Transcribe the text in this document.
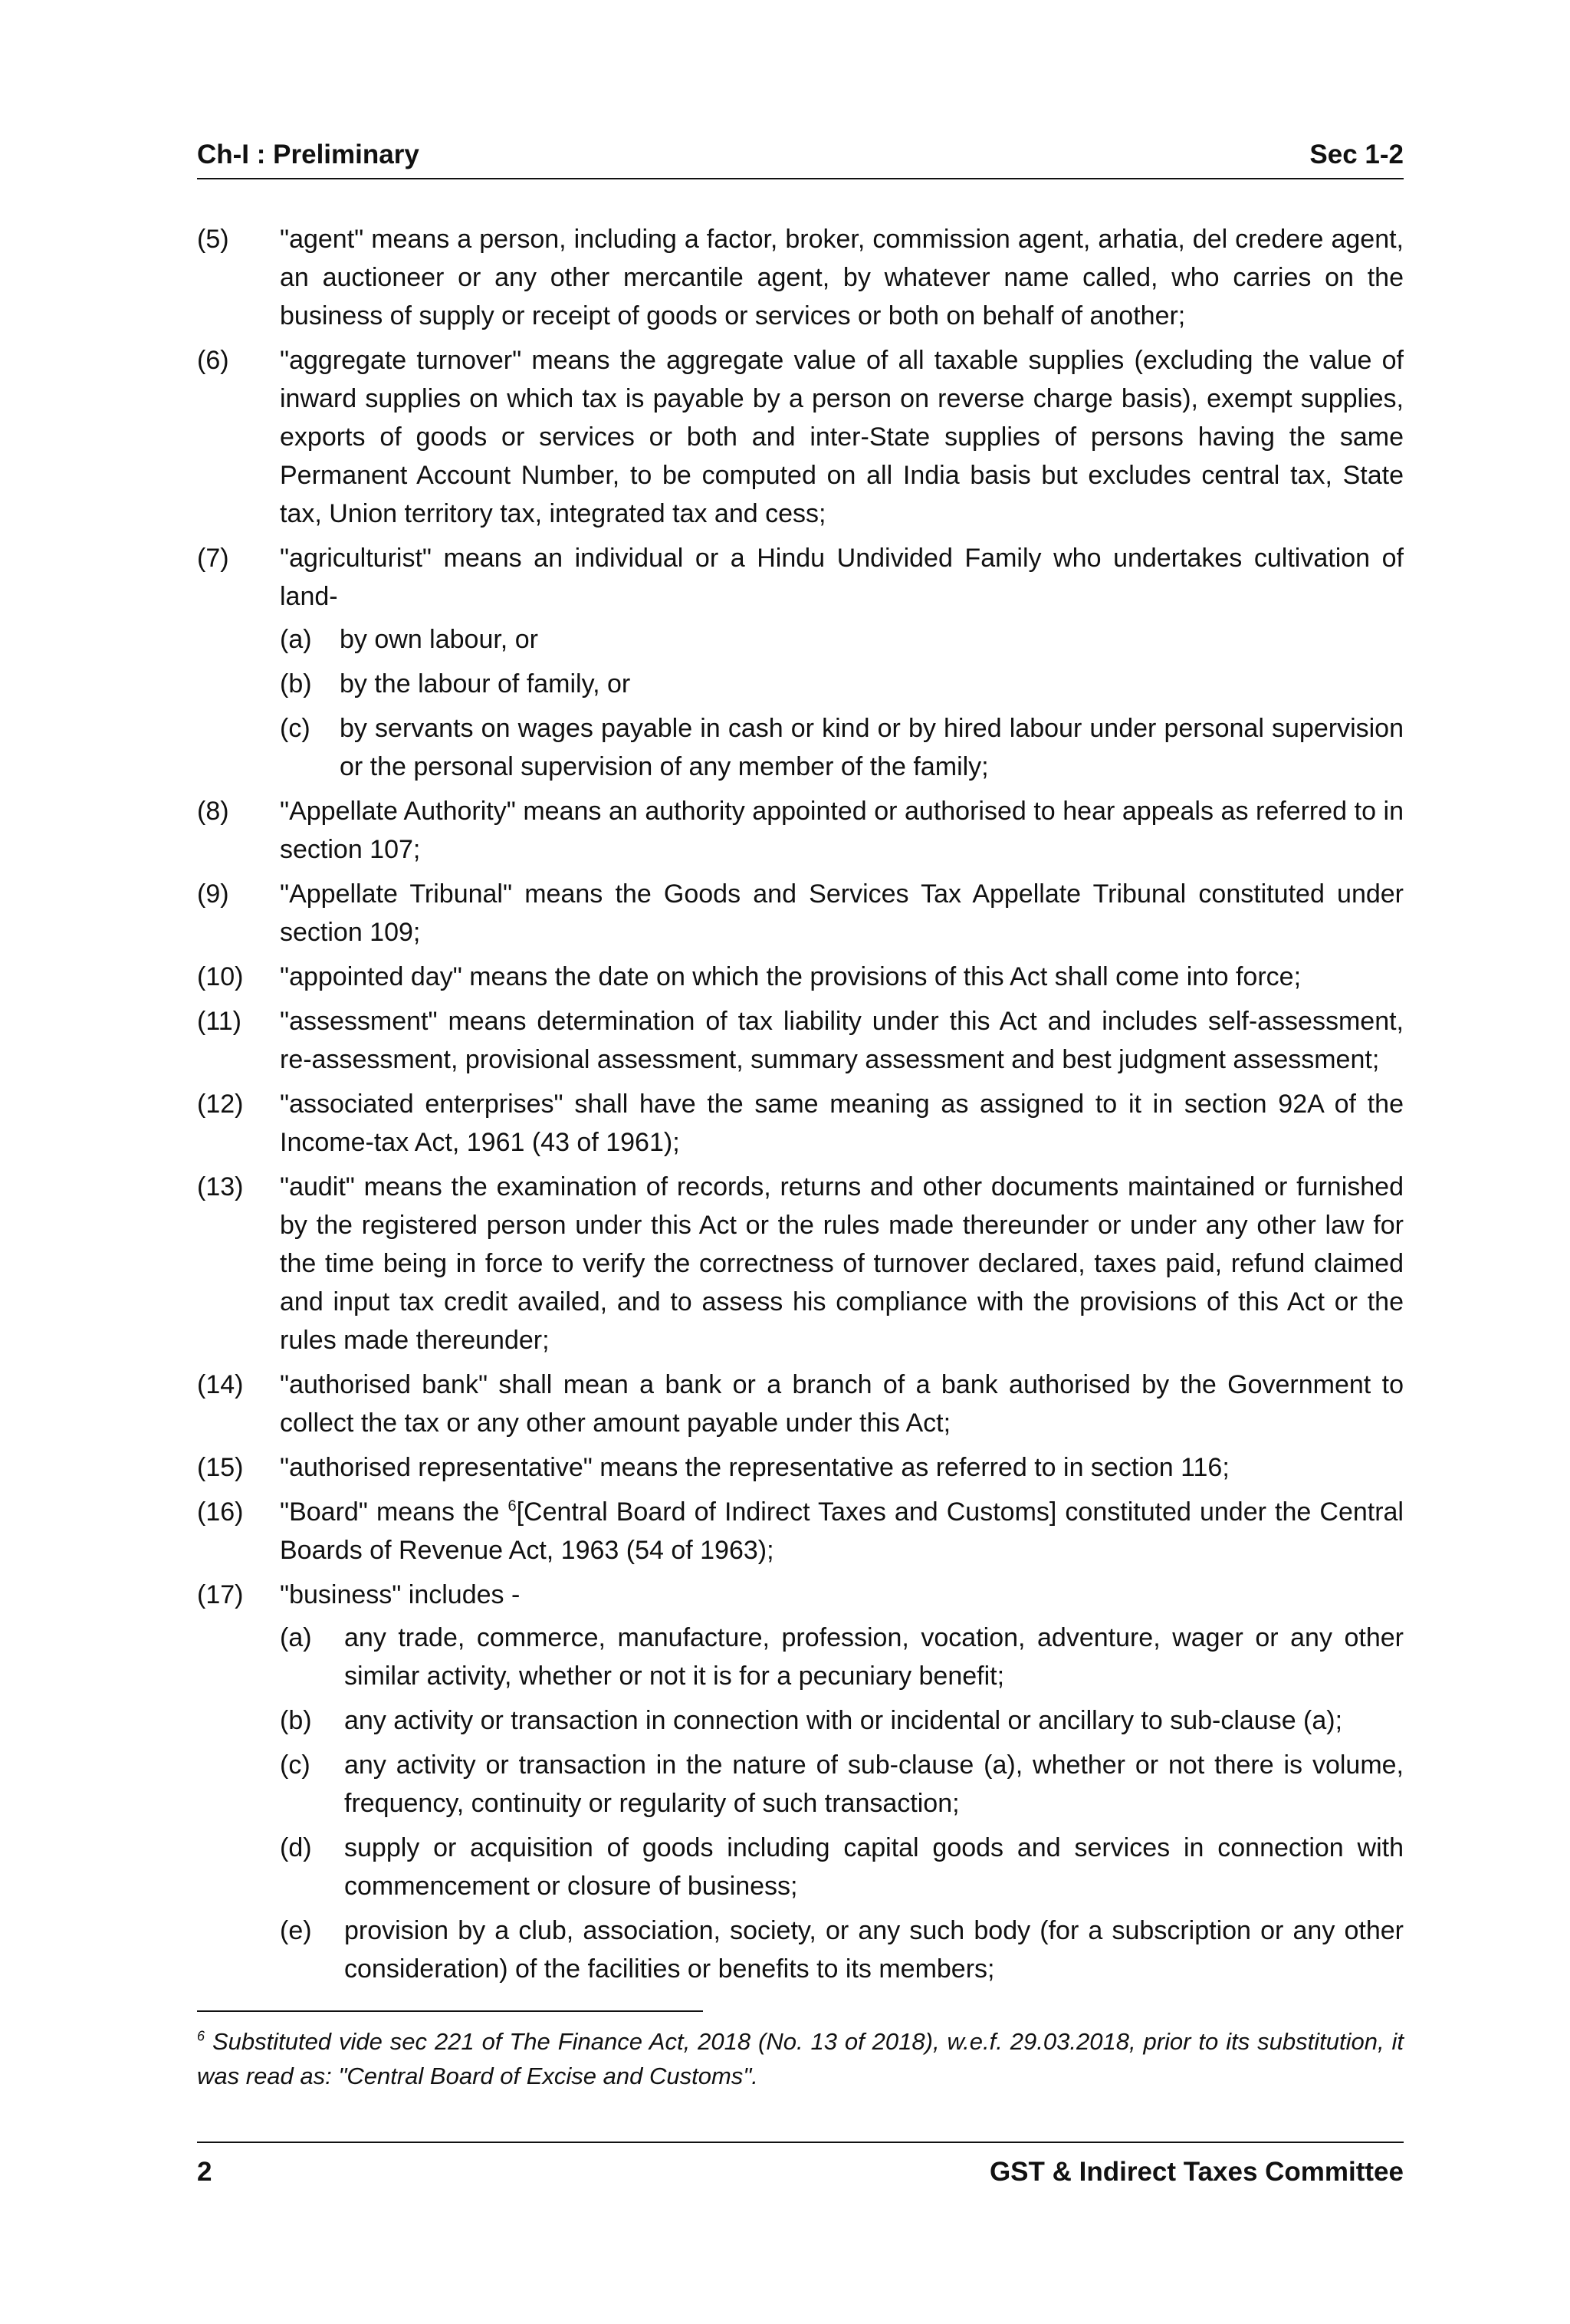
Ch-I : Preliminary	Sec 1-2
(5) "agent" means a person, including a factor, broker, commission agent, arhatia, del credere agent, an auctioneer or any other mercantile agent, by whatever name called, who carries on the business of supply or receipt of goods or services or both on behalf of another;
(6) "aggregate turnover" means the aggregate value of all taxable supplies (excluding the value of inward supplies on which tax is payable by a person on reverse charge basis), exempt supplies, exports of goods or services or both and inter-State supplies of persons having the same Permanent Account Number, to be computed on all India basis but excludes central tax, State tax, Union territory tax, integrated tax and cess;
(7) "agriculturist" means an individual or a Hindu Undivided Family who undertakes cultivation of land-
(a) by own labour, or
(b) by the labour of family, or
(c) by servants on wages payable in cash or kind or by hired labour under personal supervision or the personal supervision of any member of the family;
(8) "Appellate Authority" means an authority appointed or authorised to hear appeals as referred to in section 107;
(9) "Appellate Tribunal" means the Goods and Services Tax Appellate Tribunal constituted under section 109;
(10) "appointed day" means the date on which the provisions of this Act shall come into force;
(11) "assessment" means determination of tax liability under this Act and includes self-assessment, re-assessment, provisional assessment, summary assessment and best judgment assessment;
(12) "associated enterprises" shall have the same meaning as assigned to it in section 92A of the Income-tax Act, 1961 (43 of 1961);
(13) "audit" means the examination of records, returns and other documents maintained or furnished by the registered person under this Act or the rules made thereunder or under any other law for the time being in force to verify the correctness of turnover declared, taxes paid, refund claimed and input tax credit availed, and to assess his compliance with the provisions of this Act or the rules made thereunder;
(14) "authorised bank" shall mean a bank or a branch of a bank authorised by the Government to collect the tax or any other amount payable under this Act;
(15) "authorised representative" means the representative as referred to in section 116;
(16) "Board" means the $^6$[Central Board of Indirect Taxes and Customs] constituted under the Central Boards of Revenue Act, 1963 (54 of 1963);
(17) "business" includes -
(a) any trade, commerce, manufacture, profession, vocation, adventure, wager or any other similar activity, whether or not it is for a pecuniary benefit;
(b) any activity or transaction in connection with or incidental or ancillary to sub-clause (a);
(c) any activity or transaction in the nature of sub-clause (a), whether or not there is volume, frequency, continuity or regularity of such transaction;
(d) supply or acquisition of goods including capital goods and services in connection with commencement or closure of business;
(e) provision by a club, association, society, or any such body (for a subscription or any other consideration) of the facilities or benefits to its members;
$^6$ Substituted vide sec 221 of The Finance Act, 2018 (No. 13 of 2018), w.e.f. 29.03.2018, prior to its substitution, it was read as: "Central Board of Excise and Customs".
2	GST & Indirect Taxes Committee
